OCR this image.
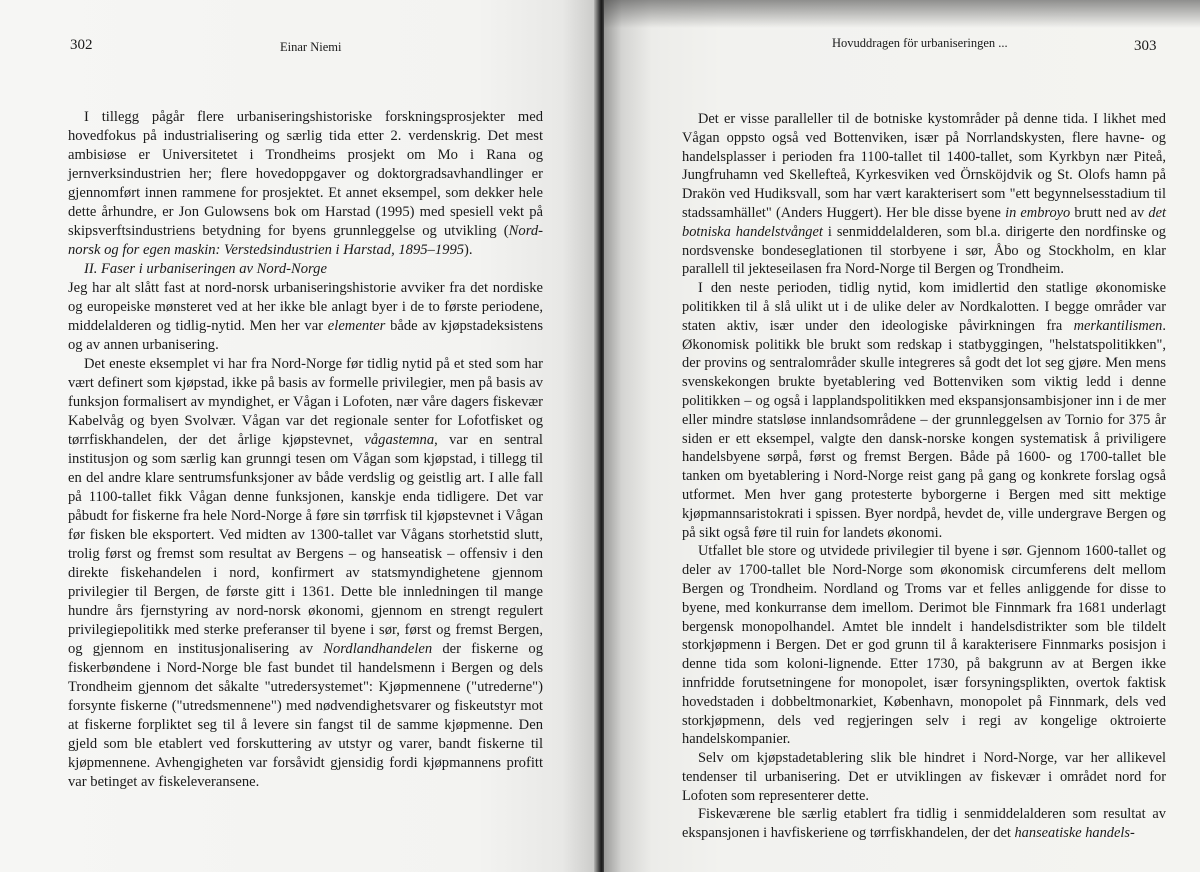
302	Einar Niemi

I tillegg pågår flere urbaniseringshistoriske forskningsprosjekter med hovedfokus på industrialisering og særlig tida etter 2. verdenskrig. Det mest ambisiøse er Universitetet i Trondheims prosjekt om Mo i Rana og jernverksindustrien her; flere hovedoppgaver og doktorgradsavhandlinger er gjennomført innen rammene for prosjektet. Et annet eksempel, som dekker hele dette århundre, er Jon Gulowsens bok om Harstad (1995) med spesiell vekt på skipsverftsindustriens betydning for byens grunnleggelse og utvikling (Nord-norsk og for egen maskin: Verstedsindustrien i Harstad, 1895–1995).

II. Faser i urbaniseringen av Nord-Norge

Jeg har alt slått fast at nord-norsk urbaniseringshistorie avviker fra det nordiske og europeiske mønsteret ved at her ikke ble anlagt byer i de to første periodene, middelalderen og tidlig-nytid. Men her var elementer både av kjøpstadeksistens og av annen urbanisering.

Det eneste eksemplet vi har fra Nord-Norge før tidlig nytid på et sted som har vært definert som kjøpstad, ikke på basis av formelle privilegier, men på basis av funksjon formalisert av myndighet, er Vågan i Lofoten, nær våre dagers fiskevær Kabelvåg og byen Svolvær. Vågan var det regionale senter for Lofotfisket og tørrfiskhandelen, der det årlige kjøpstevnet, vågastemna, var en sentral institusjon og som særlig kan grunngi tesen om Vågan som kjøpstad, i tillegg til en del andre klare sentrumsfunksjoner av både verdslig og geistlig art. I alle fall på 1100-tallet fikk Vågan denne funksjonen, kanskje enda tidligere. Det var påbudt for fiskerne fra hele Nord-Norge å føre sin tørrfisk til kjøpstevnet i Vågan før fisken ble eksportert. Ved midten av 1300-tallet var Vågans storhetstid slutt, trolig først og fremst som resultat av Bergens – og hanseatisk – offensiv i den direkte fiskehandelen i nord, konfirmert av statsmyndighetene gjennom privilegier til Bergen, de første gitt i 1361. Dette ble innledningen til mange hundre års fjernstyring av nord-norsk økonomi, gjennom en strengt regulert privilegiepolitikk med sterke preferanser til byene i sør, først og fremst Bergen, og gjennom en institusjonalisering av Nordlandhandelen der fiskerne og fiskerbøndene i Nord-Norge ble fast bundet til handelsmenn i Bergen og dels Trondheim gjennom det såkalte "utredersystemet": Kjøpmennene ("utrederne") forsynte fiskerne ("utredsmennene") med nødvendighetsvarer og fiskeutstyr mot at fiskerne forpliktet seg til å levere sin fangst til de samme kjøpmenne. Den gjeld som ble etablert ved forskuttering av utstyr og varer, bandt fiskerne til kjøpmennene. Avhengigheten var forsåvidt gjensidig fordi kjøpmannens profitt var betinget av fiskeleveransene.

Hovuddragen för urbaniseringen ...	303

Det er visse paralleller til de botniske kystområder på denne tida. I likhet med Vågan oppsto også ved Bottenviken, især på Norrlandskysten, flere havne- og handelsplasser i perioden fra 1100-tallet til 1400-tallet, som Kyrkbyn nær Piteå, Jungfruhamn ved Skellefteå, Kyrkesviken ved Örnsköjdvik og St. Olofs hamn på Drakön ved Hudiksvall, som har vært karakterisert som "ett begynnelsesstadium til stadssamhället" (Anders Huggert). Her ble disse byene in embroyo brutt ned av det botniska handelstvånget i senmiddelalderen, som bl.a. dirigerte den nordfinske og nordsvenske bondeseglationen til storbyene i sør, Åbo og Stockholm, en klar parallell til jekteseilasen fra Nord-Norge til Bergen og Trondheim.

I den neste perioden, tidlig nytid, kom imidlertid den statlige økonomiske politikken til å slå ulikt ut i de ulike deler av Nordkalotten. I begge områder var staten aktiv, især under den ideologiske påvirkningen fra merkantilismen. Økonomisk politikk ble brukt som redskap i statbyggingen, "helstatspolitikken", der provins og sentralområder skulle integreres så godt det lot seg gjøre. Men mens svenskekongen brukte byetablering ved Bottenviken som viktig ledd i denne politikken – og også i lapplandspolitikken med ekspansjonsambisjoner inn i de mer eller mindre statsløse innlandsområdene – der grunnleggelsen av Tornio for 375 år siden er ett eksempel, valgte den dansk-norske kongen systematisk å priviligere handelsbyene sørpå, først og fremst Bergen. Både på 1600- og 1700-tallet ble tanken om byetablering i Nord-Norge reist gang på gang og konkrete forslag også utformet. Men hver gang protesterte byborgerne i Bergen med sitt mektige kjøpmannsaristokrati i spissen. Byer nordpå, hevdet de, ville undergrave Bergen og på sikt også føre til ruin for landets økonomi.

Utfallet ble store og utvidede privilegier til byene i sør. Gjennom 1600-tallet og deler av 1700-tallet ble Nord-Norge som økonomisk circumferens delt mellom Bergen og Trondheim. Nordland og Troms var et felles anliggende for disse to byene, med konkurranse dem imellom. Derimot ble Finnmark fra 1681 underlagt bergensk monopolhandel. Amtet ble inndelt i handelsdistrikter som ble tildelt storkjøpmenn i Bergen. Det er god grunn til å karakterisere Finnmarks posisjon i denne tida som koloni-lignende. Etter 1730, på bakgrunn av at Bergen ikke innfridde forutsetningene for monopolet, især forsyningsplikten, overtok faktisk hovedstaden i dobbeltmonarkiet, København, monopolet på Finnmark, dels ved storkjøpmenn, dels ved regjeringen selv i regi av kongelige oktroierte handelskompanier.

Selv om kjøpstadetablering slik ble hindret i Nord-Norge, var her allikevel tendenser til urbanisering. Det er utviklingen av fiskevær i området nord for Lofoten som representerer dette.

Fiskeværene ble særlig etablert fra tidlig i senmiddelalderen som resultat av ekspansjonen i havfiskeriene og tørrfiskhandelen, der det hanseatiske handels-
